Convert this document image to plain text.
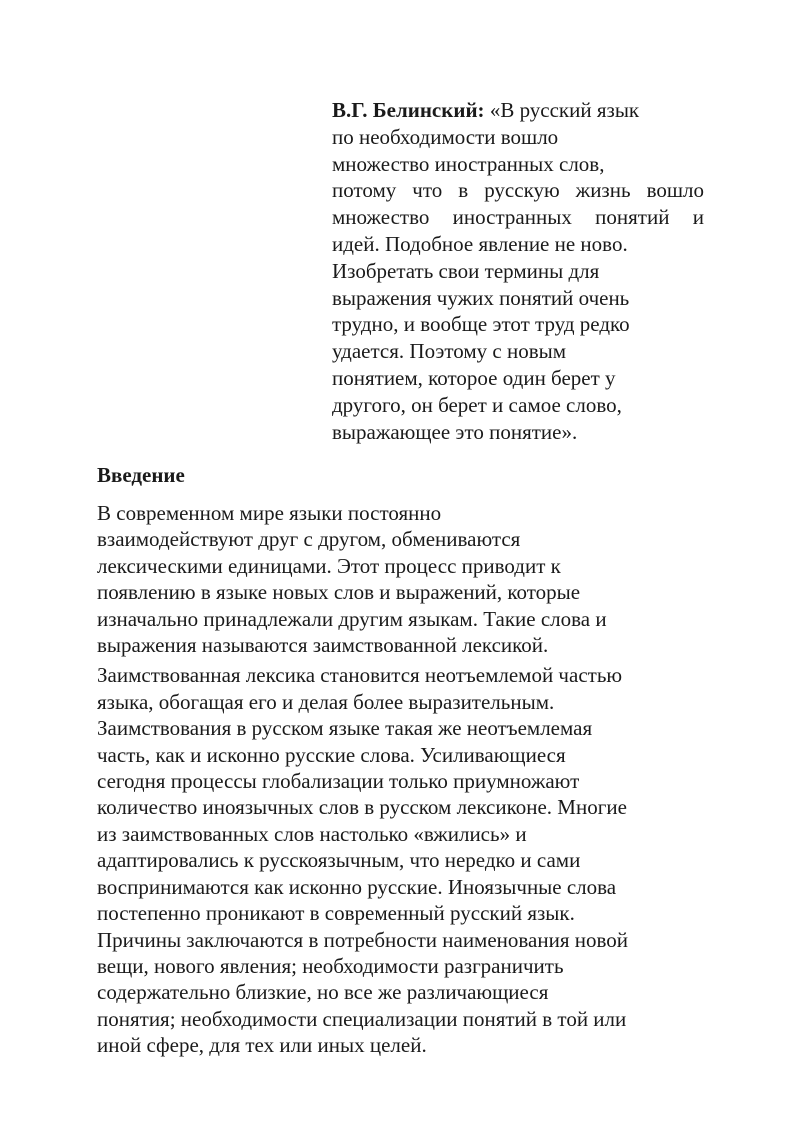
В.Г. Белинский: «В русский язык
по необходимости вошло
множество иностранных слов,
потому что в русскую жизнь вошло
множество иностранных понятий и
идей. Подобное явление не ново.
Изобретать свои термины для
выражения чужих понятий очень
трудно, и вообще этот труд редко
удается. Поэтому с новым
понятием, которое один берет у
другого, он берет и самое слово,
выражающее это понятие».
Введение
В современном мире языки постоянно
взаимодействуют друг с другом, обмениваются
лексическими единицами. Этот процесс приводит к
появлению в языке новых слов и выражений, которые
изначально принадлежали другим языкам. Такие слова и
выражения называются заимствованной лексикой.
Заимствованная лексика становится неотъемлемой частью
языка, обогащая его и делая более выразительным.
Заимствования в русском языке такая же неотъемлемая
часть, как и исконно русские слова. Усиливающиеся
сегодня процессы глобализации только приумножают
количество иноязычных слов в русском лексиконе. Многие
из заимствованных слов настолько «вжились» и
адаптировались к русскоязычным, что нередко и сами
воспринимаются как исконно русские. Иноязычные слова
постепенно проникают в современный русский язык.
Причины заключаются в потребности наименования новой
вещи, нового явления; необходимости разграничить
содержательно близкие, но все же различающиеся
понятия; необходимости специализации понятий в той или
иной сфере, для тех или иных целей.
